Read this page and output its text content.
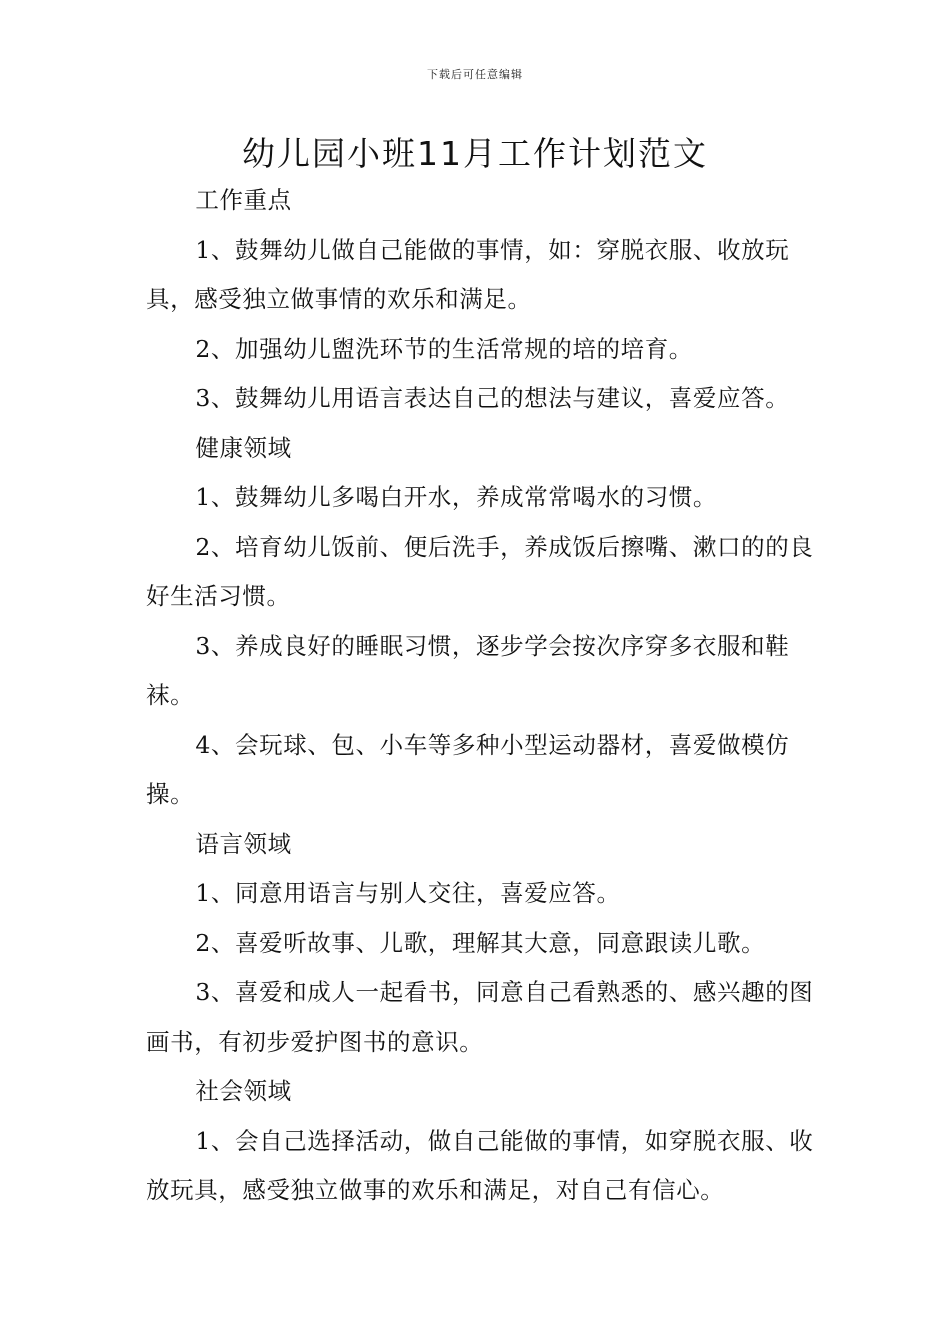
下载后可任意编辑
幼儿园小班11月工作计划范文

工作重点

1、鼓舞幼儿做自己能做的事情，如：穿脱衣服、收放玩具，感受独立做事情的欢乐和满足。

2、加强幼儿盥洗环节的生活常规的培的培育。

3、鼓舞幼儿用语言表达自己的想法与建议，喜爱应答。

健康领域

1、鼓舞幼儿多喝白开水，养成常常喝水的习惯。

2、培育幼儿饭前、便后洗手，养成饭后擦嘴、漱口的的良好生活习惯。

3、养成良好的睡眠习惯，逐步学会按次序穿多衣服和鞋袜。

4、会玩球、包、小车等多种小型运动器材，喜爱做模仿操。

语言领域

1、同意用语言与别人交往，喜爱应答。

2、喜爱听故事、儿歌，理解其大意，同意跟读儿歌。

3、喜爱和成人一起看书，同意自己看熟悉的、感兴趣的图画书，有初步爱护图书的意识。

社会领域

1、会自己选择活动，做自己能做的事情，如穿脱衣服、收放玩具，感受独立做事的欢乐和满足，对自己有信心。
